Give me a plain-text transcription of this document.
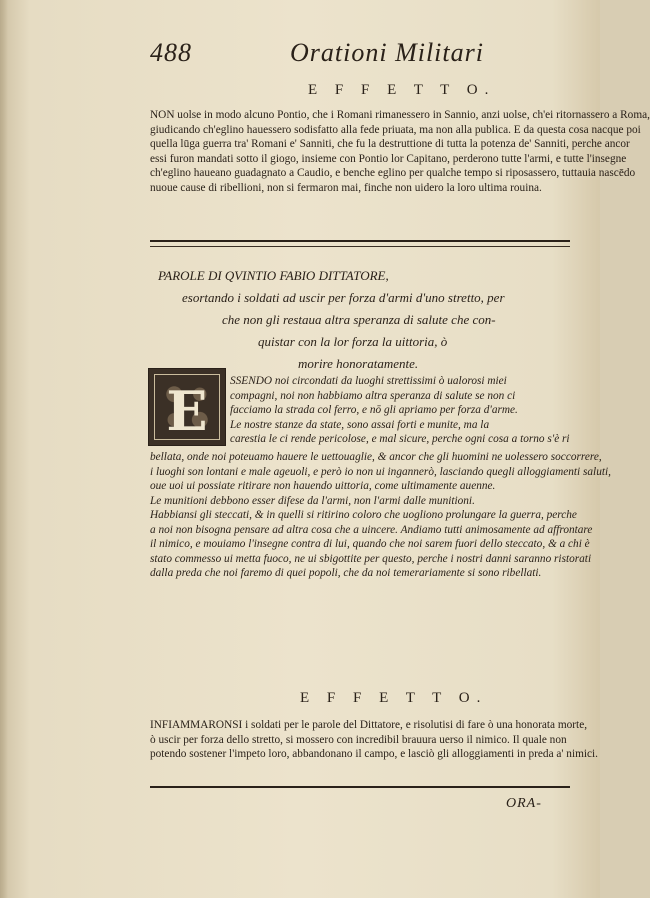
488	Orationi Militari
E F F E T T O.
NON uolse in modo alcuno Pontio, che i Romani rimanessero in Sannio, anzi uolse, ch'ei ritornassero a Roma,
giudicando ch'eglino hauessero sodisfatto alla fede priuata, ma non alla publica. E da questa cosa nacque poi
quella lūga guerra tra' Romani e' Sanniti, che fu la destruttione di tutta la potenza de' Sanniti, perche ancor
essi furon mandati sotto il giogo, insieme con Pontio lor Capitano, perderono tutte l'armi, e tutte l'insegne
ch'eglino haueano guadagnato a Caudio, e benche eglino per qualche tempo si riposassero, tuttauia nascēdo
nuoue cause di ribellioni, non si fermaron mai, finche non uidero la loro ultima rouina.
PAROLE DI QVINTIO FABIO DITTATORE,
esortando i soldati ad uscir per forza d'armi d'uno stretto, per
che non gli restaua altra speranza di salute che con-
quistar con la lor forza la uittoria, ò
morire honoratamente.
E	SSENDO noi circondati da luoghi strettissimi ò ualorosi miei
compagni, noi non habbiamo altra speranza di salute se non ci
facciamo la strada col ferro, e nō gli apriamo per forza d'arme.
Le nostre stanze da state, sono assai forti e munite, ma la
carestia le ci rende pericolose, e mal sicure, perche ogni cosa a torno s'è ri
bellata, onde noi poteuamo hauere le uettouaglie, & ancor che gli huomini ne uolessero soccorrere,
i luoghi son lontani e male ageuoli, e però io non ui ingannerò, lasciando quegli alloggiamenti saluti,
oue uoi ui possiate ritirare non hauendo uittoria, come ultimamente auenne.
Le munitioni debbono esser difese da l'armi, non l'armi dalle munitioni.
Habbiansi gli steccati, & in quelli si ritirino coloro che uogliono prolungare la guerra, perche
a noi non bisogna pensare ad altra cosa che a uincere. Andiamo tutti animosamente ad affrontare
il nimico, e mouiamo l'insegne contra di lui, quando che noi sarem fuori dello steccato, & a chi è
stato commesso ui metta fuoco, ne ui sbigottite per questo, perche i nostri danni saranno ristorati
dalla preda che noi faremo di quei popoli, che da noi temerariamente si sono ribellati.
E F F E T T O.
INFIAMMARONSI i soldati per le parole del Dittatore, e risolutisi di fare ò una honorata morte,
ò uscir per forza dello stretto, si mossero con incredibil brauura uerso il nimico. Il quale non
potendo sostener l'impeto loro, abbandonano il campo, e lasciò gli alloggiamenti in preda a' nimici.
ORA-
